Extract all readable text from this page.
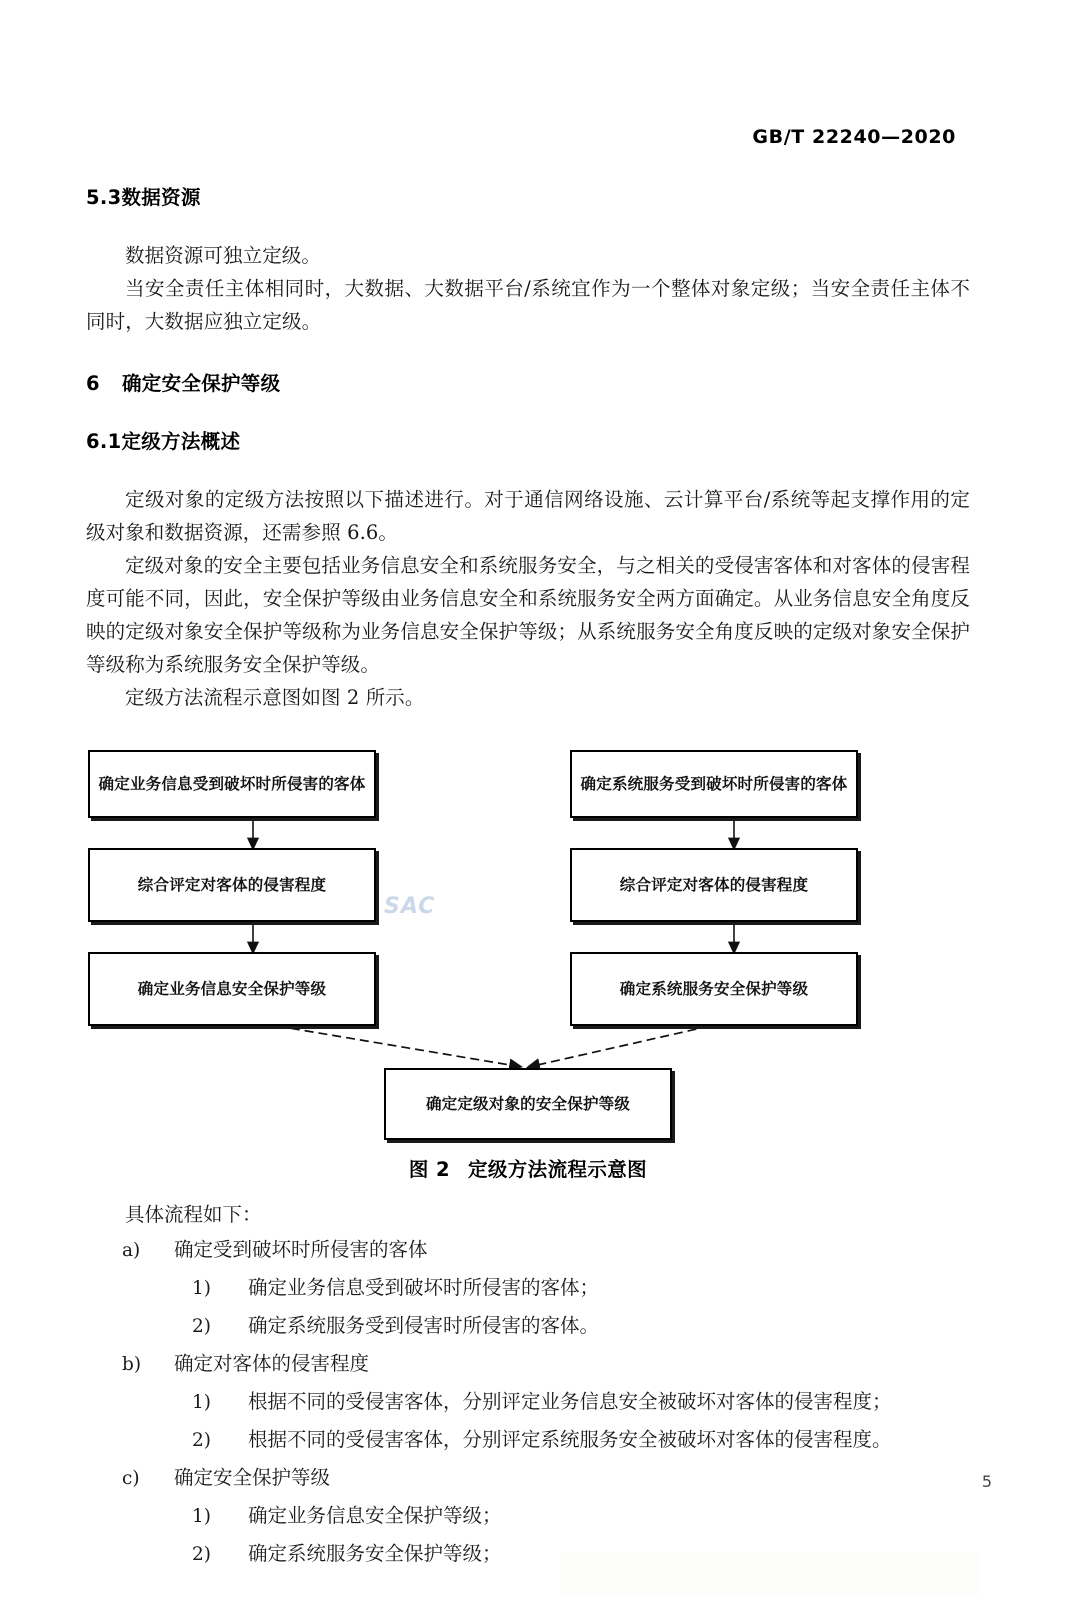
GB/T 22240—2020
5.3数据资源

数据资源可独立定级。

当安全责任主体相同时，大数据、大数据平台/系统宜作为一个整体对象定级；当安全责任主体不同时，大数据应独立定级。

6 确定安全保护等级
6.1定级方法概述

定级对象的定级方法按照以下描述进行。对于通信网络设施、云计算平台/系统等起支撑作用的定级对象和数据资源，还需参照 6.6。

定级对象的安全主要包括业务信息安全和系统服务安全，与之相关的受侵害客体和对客体的侵害程度可能不同，因此，安全保护等级由业务信息安全和系统服务安全两方面确定。从业务信息安全角度反映的定级对象安全保护等级称为业务信息安全保护等级；从系统服务安全角度反映的定级对象安全保护等级称为系统服务安全保护等级。

定级方法流程示意图如图 2 所示。

确定业务信息受到破坏时所侵害的客体	确定系统服务受到破坏时所侵害的客体
综合评定对客体的侵害程度	综合评定对客体的侵害程度
确定业务信息安全保护等级	确定系统服务安全保护等级
确定定级对象的安全保护等级
SAC
图 2 定级方法流程示意图

具体流程如下：

a)	确定受到破坏时所侵害的客体
1)	确定业务信息受到破坏时所侵害的客体；
2)	确定系统服务受到侵害时所侵害的客体。
b)	确定对客体的侵害程度
1)	根据不同的受侵害客体，分别评定业务信息安全被破坏对客体的侵害程度；
2)	根据不同的受侵害客体，分别评定系统服务安全被破坏对客体的侵害程度。
c)	确定安全保护等级
1)	确定业务信息安全保护等级；
2)	确定系统服务安全保护等级；
5
